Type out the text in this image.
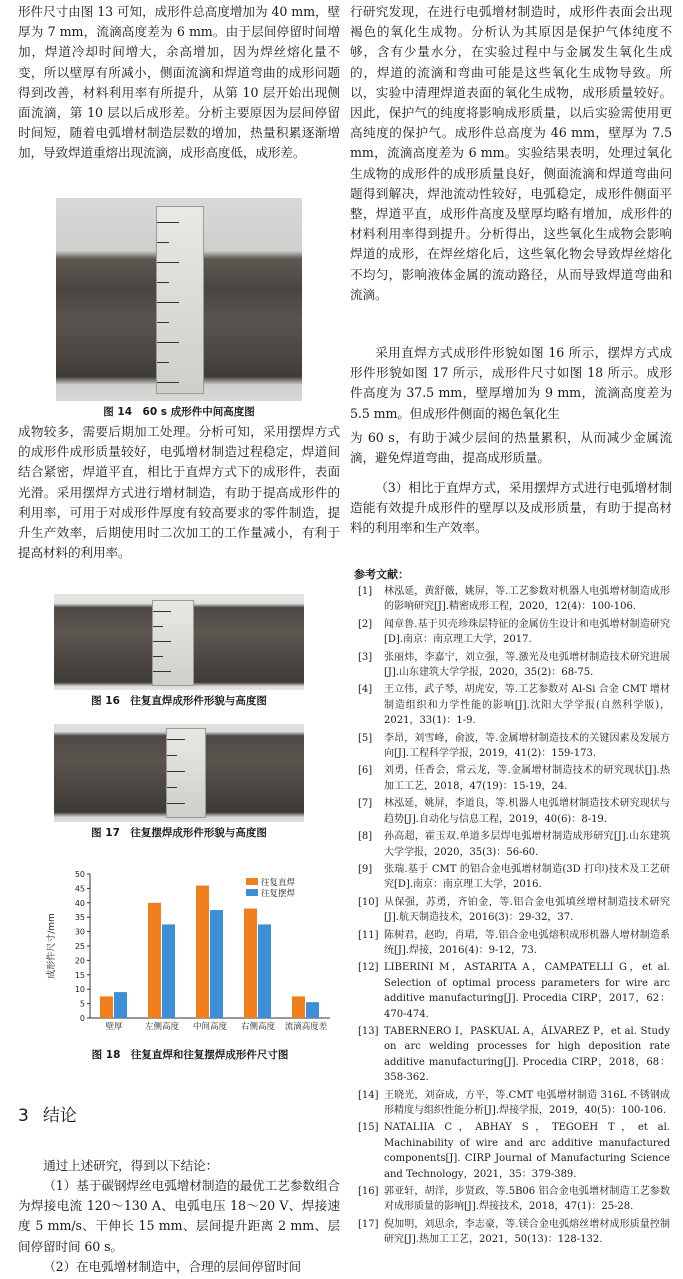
形件尺寸由图 13 可知，成形件总高度增加为 40 mm，壁厚为 7 mm，流滴高度差为 6 mm。由于层间停留时间增加，焊道冷却时间增大，余高增加，因为焊丝熔化量不变，所以壁厚有所减小，侧面流滴和焊道弯曲的成形问题得到改善，材料利用率有所提升，从第 10 层开始出现侧面流滴，第 10 层以后成形差。分析主要原因为层间停留时间短，随着电弧增材制造层数的增加，热量积累逐渐增加，导致焊道重熔出现流滴，成形高度低，成形差。

图 14　60 s 成形件中间高度图

成物较多，需要后期加工处理。分析可知，采用摆焊方式的成形件成形质量较好，电弧增材制造过程稳定，焊道间结合紧密，焊道平直，相比于直焊方式下的成形件，表面光滑。采用摆焊方式进行增材制造，有助于提高成形件的利用率，可用于对成形件厚度有较高要求的零件制造，提升生产效率，后期使用时二次加工的工作量减小，有利于提高材料的利用率。

图 16　往复直焊成形件形貌与高度图

图 17　往复摆焊成形件形貌与高度图

0
5
10
15
20
25
30
35
40
45
50
成形件尺寸/mm
壁厚	左侧高度 中间高度 右侧高度 流滴高度差
往复直焊
往复摆焊

图 18　往复直焊和往复摆焊成形件尺寸图

3 结论

通过上述研究，得到以下结论：

（1）基于碳钢焊丝电弧增材制造的最优工艺参数组合为焊接电流 120～130 A、电弧电压 18～20 V、焊接速度 5 mm/s、干伸长 15 mm、层间提升距离 2 mm、层间停留时间 60 s。

（2）在电弧增材制造中，合理的层间停留时间

行研究发现，在进行电弧增材制造时，成形件表面会出现褐色的氧化生成物。分析认为其原因是保护气体纯度不够，含有少量水分，在实验过程中与金属发生氧化生成的，焊道的流滴和弯曲可能是这些氧化生成物导致。所以，实验中清理焊道表面的氧化生成物，成形质量较好。因此，保护气的纯度将影响成形质量，以后实验需使用更高纯度的保护气。成形件总高度为 46 mm，壁厚为 7.5 mm，流滴高度差为 6 mm。实验结果表明，处理过氧化生成物的成形件的成形质量良好，侧面流滴和焊道弯曲问题得到解决，焊池流动性较好，电弧稳定，成形件侧面平整，焊道平直，成形件高度及壁厚均略有增加，成形件的材料利用率得到提升。分析得出，这些氧化生成物会影响焊道的成形，在焊丝熔化后，这些氧化物会导致焊丝熔化不均匀，影响液体金属的流动路径，从而导致焊道弯曲和流滴。

采用直焊方式成形件形貌如图 16 所示，摆焊方式成形件形貌如图 17 所示，成形件尺寸如图 18 所示。成形件高度为 37.5 mm，壁厚增加为 9 mm，流滴高度差为 5.5 mm。但成形件侧面的褐色氧化生

为 60 s，有助于减少层间的热量累积，从而减少金属流滴，避免焊道弯曲，提高成形质量。

（3）相比于直焊方式，采用摆焊方式进行电弧增材制造能有效提升成形件的壁厚以及成形质量，有助于提高材料的利用率和生产效率。

参考文献：

[1]	林泓延，黄舒薇，姚屏，等.工艺参数对机器人电弧增材制造成形的影响研究[J].精密成形工程，2020，12(4)：100-106.
[2]	闻章鲁.基于贝壳珍珠层特征的金属仿生设计和电弧增材制造研究[D].南京：南京理工大学，2017.
[3]	张丽炜，李嘉宁，刘立强，等.激光及电弧增材制造技术研究进展[J].山东建筑大学学报，2020，35(2)：68-75.
[4]	王立伟，武子琴，胡虎安，等.工艺参数对 Al-Si 合金 CMT 增材制造组织和力学性能的影响[J].沈阳大学学报(自然科学版)，2021，33(1)：1-9.
[5]	李昂，刘雪峰，俞波，等.金属增材制造技术的关键因素及发展方向[J].工程科学学报，2019，41(2)：159-173.
[6]	刘勇，任香会，常云龙，等.金属增材制造技术的研究现状[J].热加工工艺，2018，47(19)：15-19，24.
[7]	林泓延，姚屏，李道良，等.机器人电弧增材制造技术研究现状与趋势[J].自动化与信息工程，2019，40(6)：8-19.
[8]	孙高超，霍玉双.单道多层焊电弧增材制造成形研究[J].山东建筑大学学报，2020，35(3)：56-60.
[9]	张瑞.基于 CMT 的铝合金电弧增材制造(3D 打印)技术及工艺研究[D].南京：南京理工大学，2016.
[10] 从保强，苏勇，齐铂金，等.铝合金电弧填丝增材制造技术研究[J].航天制造技术，2016(3)：29-32，37.
[11] 陈树君，赵昀，肖珺，等.铝合金电弧熔积成形机器人增材制造系统[J].焊接，2016(4)：9-12，73.
[12] LIBERINI M，ASTARITA A，CAMPATELLI G，et al. Selection of optimal process parameters for wire arc additive manufacturing[J]. Procedia CIRP，2017，62：470-474.
[13] TABERNERO I，PASKUAL A，ÁLVAREZ P，et al. Study on arc welding processes for high deposition rate additive manufacturing[J]. Procedia CIRP，2018，68：358-362.
[14] 王晓光，刘奋成，方平，等.CMT 电弧增材制造 316L 不锈钢成形精度与组织性能分析[J].焊接学报，2019，40(5)：100-106.
[15] NATALIIA C，ABHAY S，TEGOEH T，et al. Machinability of wire and arc additive manufactured components[J]. CIRP Journal of Manufacturing Science and Technology，2021，35：379-389.
[16] 郭亚轩，胡洋，步贤政，等.5B06 铝合金电弧增材制造工艺参数对成形质量的影响[J].焊接技术，2018，47(1)：25-28.
[17] 倪加明，刘思余，李志豪，等.镁合金电弧熔丝增材成形质量控制研究[J].热加工工艺，2021，50(13)：128-132.
